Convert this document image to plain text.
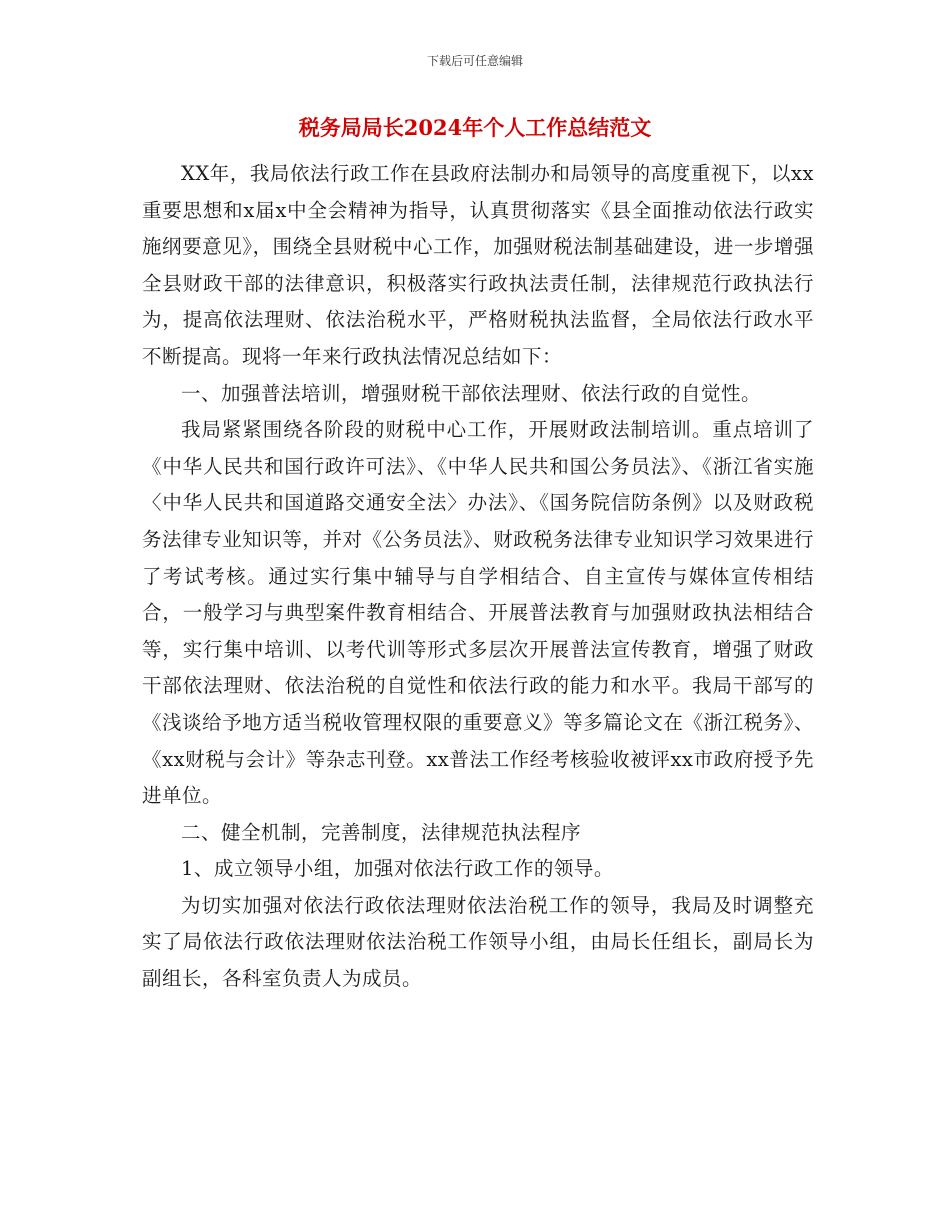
下载后可任意编辑
税务局局长2024年个人工作总结范文

XX年，我局依法行政工作在县政府法制办和局领导的高度重视下，以xx重要思想和x届x中全会精神为指导，认真贯彻落实《县全面推动依法行政实施纲要意见》，围绕全县财税中心工作，加强财税法制基础建设，进一步增强全县财政干部的法律意识，积极落实行政执法责任制，法律规范行政执法行为，提高依法理财、依法治税水平，严格财税执法监督，全局依法行政水平不断提高。现将一年来行政执法情况总结如下：

一、加强普法培训，增强财税干部依法理财、依法行政的自觉性。

我局紧紧围绕各阶段的财税中心工作，开展财政法制培训。重点培训了《中华人民共和国行政许可法》、《中华人民共和国公务员法》、《浙江省实施〈中华人民共和国道路交通安全法〉办法》、《国务院信防条例》以及财政税务法律专业知识等，并对《公务员法》、财政税务法律专业知识学习效果进行了考试考核。通过实行集中辅导与自学相结合、自主宣传与媒体宣传相结合，一般学习与典型案件教育相结合、开展普法教育与加强财政执法相结合等，实行集中培训、以考代训等形式多层次开展普法宣传教育，增强了财政干部依法理财、依法治税的自觉性和依法行政的能力和水平。我局干部写的《浅谈给予地方适当税收管理权限的重要意义》等多篇论文在《浙江税务》、《xx财税与会计》等杂志刊登。xx普法工作经考核验收被评xx市政府授予先进单位。

二、健全机制，完善制度，法律规范执法程序

1、成立领导小组，加强对依法行政工作的领导。

为切实加强对依法行政依法理财依法治税工作的领导，我局及时调整充实了局依法行政依法理财依法治税工作领导小组，由局长任组长，副局长为副组长，各科室负责人为成员。
